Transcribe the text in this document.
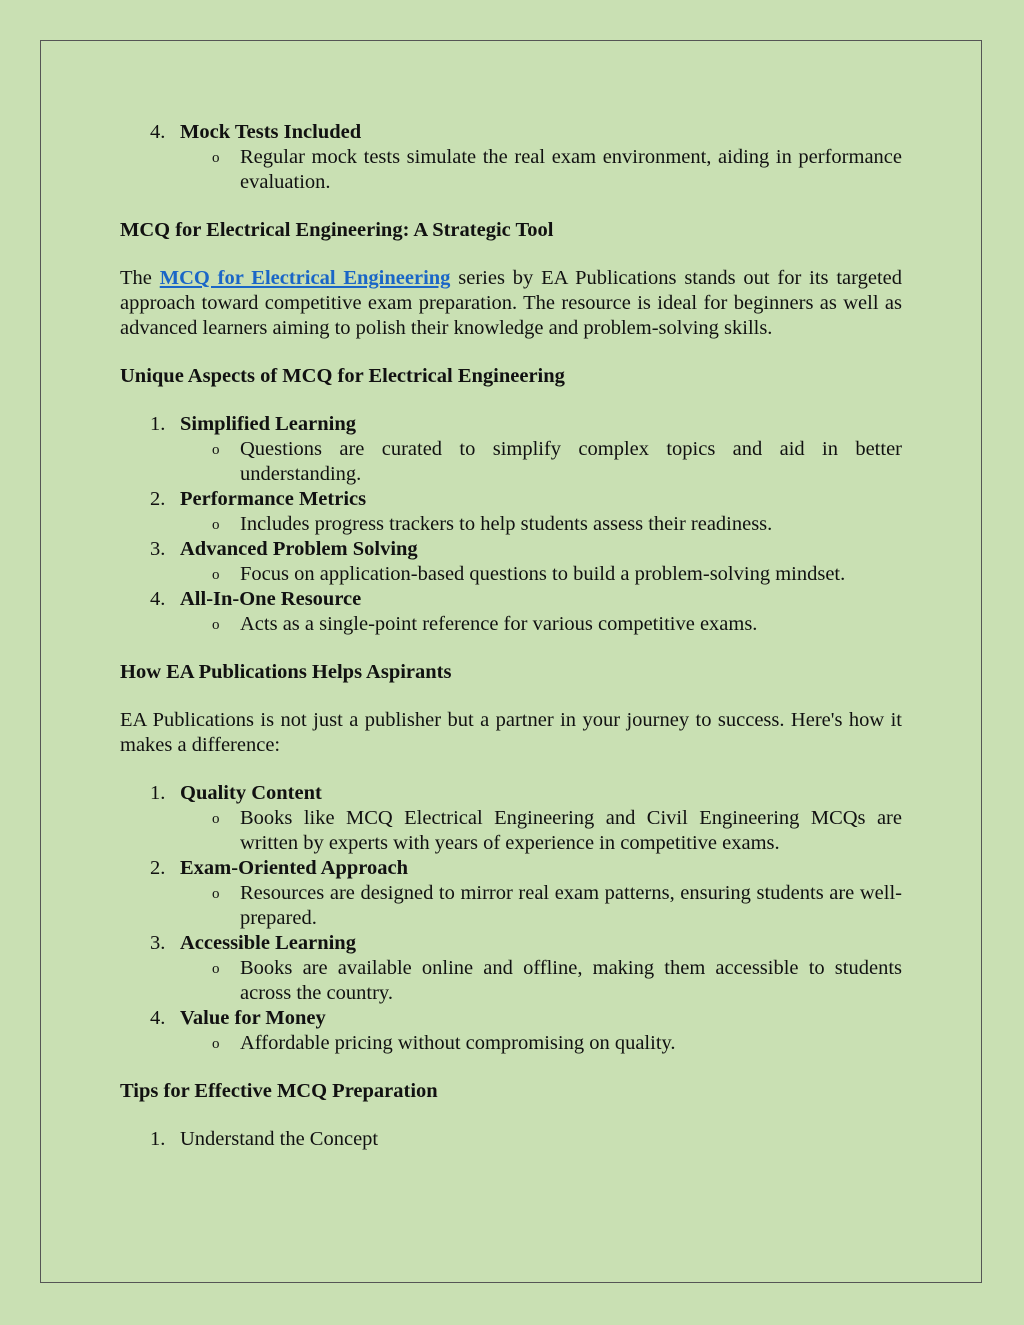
4. Mock Tests Included
o Regular mock tests simulate the real exam environment, aiding in performance evaluation.
MCQ for Electrical Engineering: A Strategic Tool

The MCQ for Electrical Engineering series by EA Publications stands out for its targeted approach toward competitive exam preparation. The resource is ideal for beginners as well as advanced learners aiming to polish their knowledge and problem-solving skills.

Unique Aspects of MCQ for Electrical Engineering
1. Simplified Learning
o Questions are curated to simplify complex topics and aid in better understanding.
2. Performance Metrics
o Includes progress trackers to help students assess their readiness.
3. Advanced Problem Solving
o Focus on application-based questions to build a problem-solving mindset.
4. All-In-One Resource
o Acts as a single-point reference for various competitive exams.
How EA Publications Helps Aspirants

EA Publications is not just a publisher but a partner in your journey to success. Here's how it makes a difference:

1. Quality Content
o Books like MCQ Electrical Engineering and Civil Engineering MCQs are written by experts with years of experience in competitive exams.
2. Exam-Oriented Approach
o Resources are designed to mirror real exam patterns, ensuring students are well-prepared.
3. Accessible Learning
o Books are available online and offline, making them accessible to students across the country.
4. Value for Money
o Affordable pricing without compromising on quality.
Tips for Effective MCQ Preparation
1. Understand the Concept
